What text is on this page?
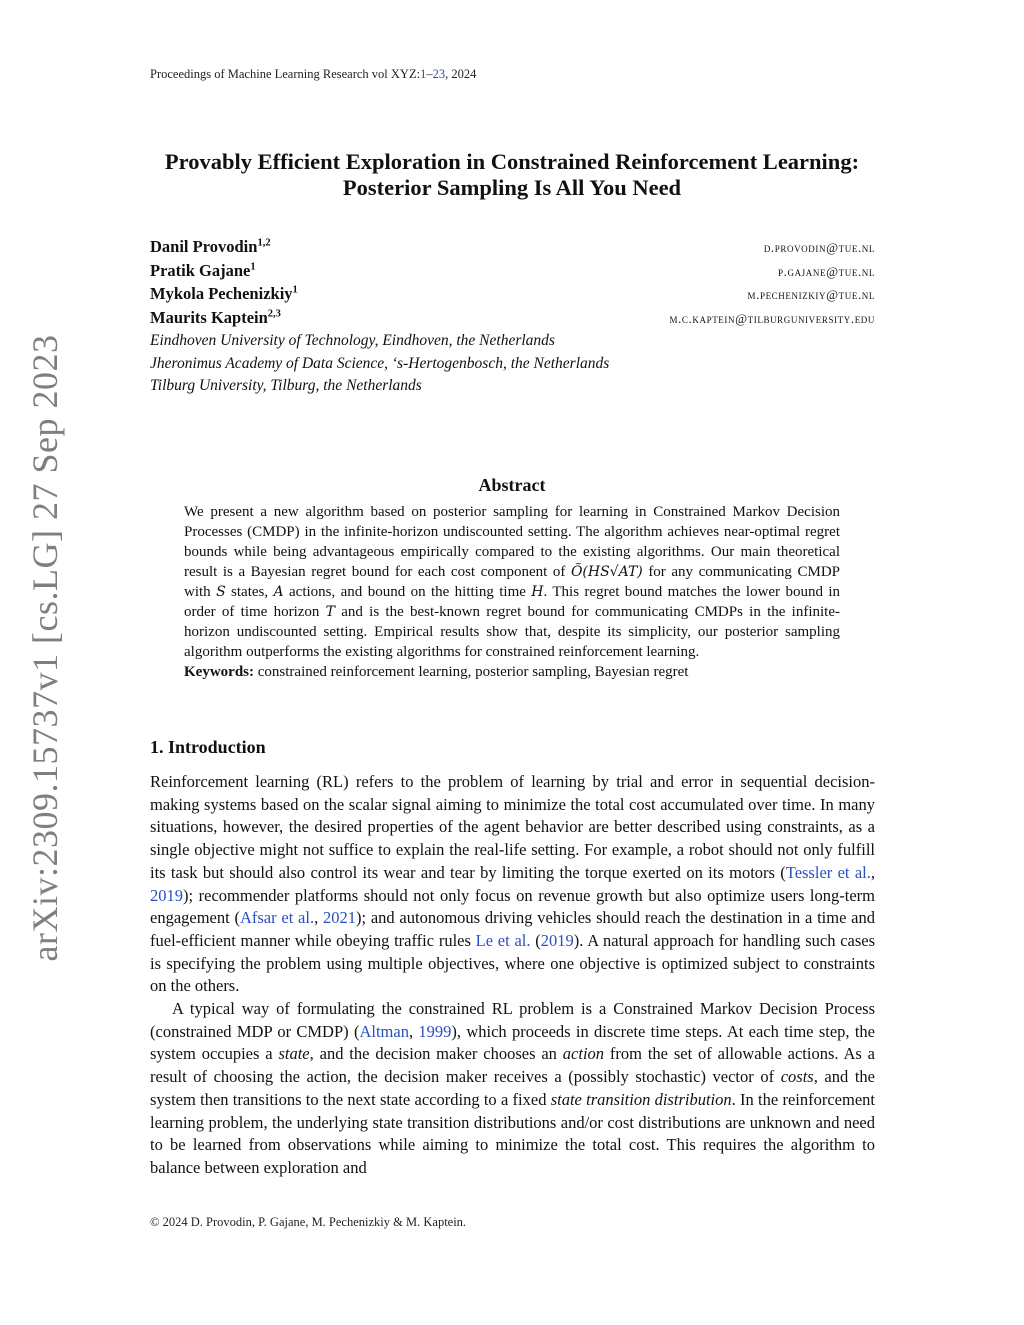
Proceedings of Machine Learning Research vol XYZ:1–23, 2024
Provably Efficient Exploration in Constrained Reinforcement Learning:
Posterior Sampling Is All You Need
Danil Provodin$^{1,2}$	d.provodin@tue.nl
Pratik Gajane$^1$	p.gajane@tue.nl
Mykola Pechenizkiy$^1$	m.pechenizkiy@tue.nl
Maurits Kaptein$^{2,3}$	m.c.kaptein@tilburguniversity.edu
Eindhoven University of Technology, Eindhoven, the Netherlands
Jheronimus Academy of Data Science, ‘s-Hertogenbosch, the Netherlands
Tilburg University, Tilburg, the Netherlands
arXiv:2309.15737v1 [cs.LG] 27 Sep 2023	Abstract

We present a new algorithm based on posterior sampling for learning in Constrained Markov Decision Processes (CMDP) in the infinite-horizon undiscounted setting. The algorithm achieves near-optimal regret bounds while being advantageous empirically compared to the existing algorithms. Our main theoretical result is a Bayesian regret bound for each cost component of Õ(HS√AT) for any communicating CMDP with S states, A actions, and bound on the hitting time H. This regret bound matches the lower bound in order of time horizon T and is the best-known regret bound for communicating CMDPs in the infinite-horizon undiscounted setting. Empirical results show that, despite its simplicity, our posterior sampling algorithm outperforms the existing algorithms for constrained reinforcement learning.

Keywords: constrained reinforcement learning, posterior sampling, Bayesian regret

1. Introduction

Reinforcement learning (RL) refers to the problem of learning by trial and error in sequential decision-making systems based on the scalar signal aiming to minimize the total cost accumulated over time. In many situations, however, the desired properties of the agent behavior are better described using constraints, as a single objective might not suffice to explain the real-life setting. For example, a robot should not only fulfill its task but should also control its wear and tear by limiting the torque exerted on its motors (Tessler et al., 2019); recommender platforms should not only focus on revenue growth but also optimize users long-term engagement (Afsar et al., 2021); and autonomous driving vehicles should reach the destination in a time and fuel-efficient manner while obeying traffic rules Le et al. (2019). A natural approach for handling such cases is specifying the problem using multiple objectives, where one objective is optimized subject to constraints on the others.

A typical way of formulating the constrained RL problem is a Constrained Markov Decision Process (constrained MDP or CMDP) (Altman, 1999), which proceeds in discrete time steps. At each time step, the system occupies a state, and the decision maker chooses an action from the set of allowable actions. As a result of choosing the action, the decision maker receives a (possibly stochastic) vector of costs, and the system then transitions to the next state according to a fixed state transition distribution. In the reinforcement learning problem, the underlying state transition distributions and/or cost distributions are unknown and need to be learned from observations while aiming to minimize the total cost. This requires the algorithm to balance between exploration and

© 2024 D. Provodin, P. Gajane, M. Pechenizkiy & M. Kaptein.
